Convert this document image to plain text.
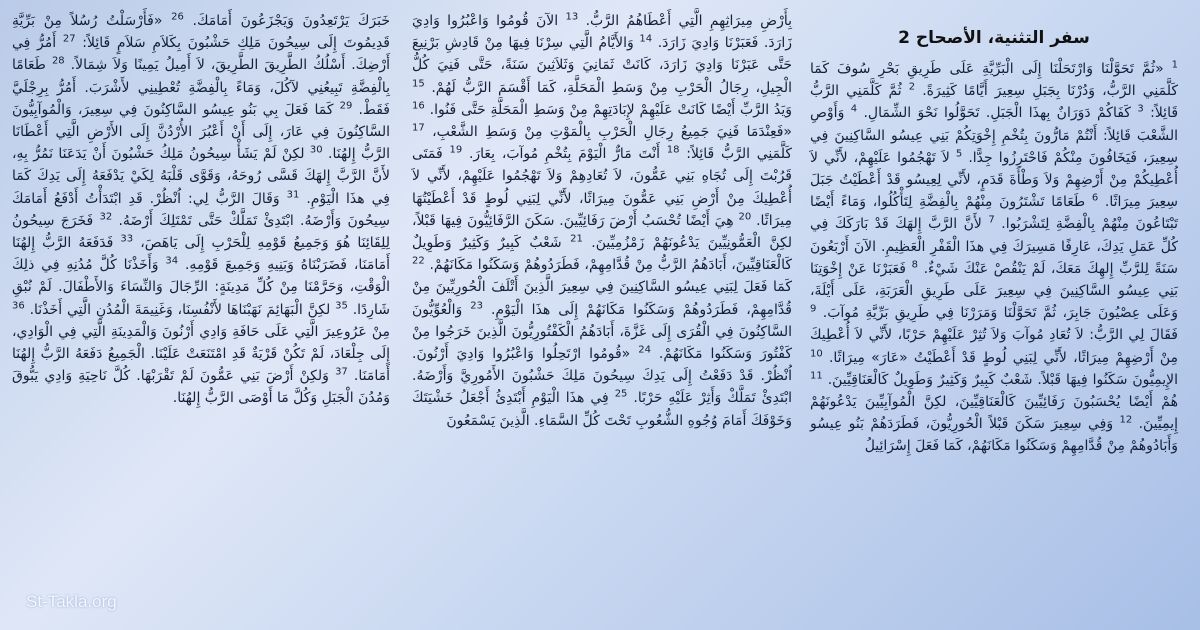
سفر التثنية، الأصحاح 2
$^1$ «ثُمَّ تَحَوَّلْنَا وَارْتَحَلْنَا إِلَى الْبَرِّيَّةِ عَلَى طَرِيقِ بَحْرِ سُوفَ كَمَا كَلَّمَنِي الرَّبُّ، وَدُرْنَا بِجَبَلِ سِعِيرَ أَيَّامًا كَثِيرَةً. $^2$ ثُمَّ كَلَّمَنِي الرَّبُّ قَائِلاً: $^3$ كَفَاكُمْ دَوَرَانٌ بِهذَا الْجَبَلِ. تَحَوَّلُوا نَحْوَ الشِّمَالِ. $^4$ وَأَوْصِ الشَّعْبَ قَائِلاً: أَنْتُمْ مَارُّونَ بِتُخْمِ إِخْوَتِكُمْ بَنِي عِيسُو السَّاكِنِينَ فِي سِعِيرَ، فَيَخَافُونَ مِنْكُمْ فَاحْتَرِزُوا جِدًّا. $^5$ لاَ تَهْجُمُوا عَلَيْهِمْ، لأَنِّي لاَ أُعْطِيكُمْ مِنْ أَرْضِهِمْ وَلاَ وَطْأَةَ قَدَمٍ، لأَنِّي لِعِيسُو قَدْ أَعْطَيْتُ جَبَلَ سِعِيرَ مِيرَاثًا. $^6$ طَعَامًا تَشْتَرُونَ مِنْهُمْ بِالْفِضَّةِ لِتَأْكُلُوا، وَمَاءً أَيْضًا تَبْتَاعُونَ مِنْهُمْ بِالْفِضَّةِ لِتَشْرَبُوا. $^7$ لأَنَّ الرَّبَّ إِلهَكَ قَدْ بَارَكَكَ فِي كُلِّ عَمَلِ يَدِكَ، عَارِفًا مَسِيرَكَ فِي هذَا الْقَفْرِ الْعَظِيمِ. الآنَ أَرْبَعُونَ سَنَةً لِلرَّبِّ إِلهِكَ مَعَكَ، لَمْ يَنْقُصْ عَنْكَ شَيْءٌ. $^8$ فَعَبَرْنَا عَنْ إِخْوَتِنَا بَنِي عِيسُو السَّاكِنِينَ فِي سِعِيرَ عَلَى طَرِيقِ الْعَرَبَةِ، عَلَى أَيْلَةَ، وَعَلَى عِصْيُونَ جَابِرَ، ثُمَّ تَحَوَّلْنَا وَمَرَرْنَا فِي طَرِيقِ بَرِّيَّةِ مُوآبَ. $^9$ فَقَالَ لِي الرَّبُّ: لاَ تُعَادِ مُوآبَ وَلاَ تُثِرْ عَلَيْهِمْ حَرْبًا، لأَنِّي لاَ أُعْطِيكَ مِنْ أَرْضِهِمْ مِيرَاثًا، لأَنِّي لِبَنِي لُوطٍ قَدْ أَعْطَيْتُ «عَارَ» مِيرَاثًا. $^{10}$ الإِيمِيُّونَ سَكَنُوا فِيهَا قَبْلاً. شَعْبٌ كَبِيرٌ وَكَثِيرٌ وَطَوِيلٌ كَالْعَنَاقِيِّينَ. $^{11}$ هُمْ أَيْضًا يُحْسَبُونَ رَفَائِيِّينَ كَالْعَنَاقِيِّينَ، لكِنَّ الْمُوآبِيِّينَ يَدْعُونَهُمْ إِيمِيِّينَ. $^{12}$ وَفِي سِعِيرَ سَكَنَ قَبْلاً الْحُورِيُّونَ، فَطَرَدَهُمْ بَنُو عِيسُو وَأَبَادُوهُمْ مِنْ قُدَّامِهِمْ وَسَكَنُوا مَكَانَهُمْ، كَمَا فَعَلَ إِسْرَائِيلُ
بِأَرْضِ مِيرَاثِهِمِ الَّتِي أَعْطَاهُمُ الرَّبُّ. $^{13}$ الآنَ قُومُوا وَاعْبُرُوا وَادِيَ زَارَدَ. فَعَبَرْنَا وَادِيَ زَارَدَ. $^{14}$ وَالأَيَّامُ الَّتِي سِرْنَا فِيهَا مِنْ قَادِشِ بَرْنِيعَ حَتَّى عَبَرْنَا وَادِيَ زَارَدَ، كَانَتْ ثَمَانِيَ وَثَلاَثِينَ سَنَةً، حَتَّى فَنِيَ كُلُّ الْجِيلِ، رِجَالُ الْحَرْبِ مِنْ وَسَطِ الْمَحَلَّةِ، كَمَا أَقْسَمَ الرَّبُّ لَهُمْ. $^{15}$ وَيَدُ الرَّبِّ أَيْضًا كَانَتْ عَلَيْهِمْ لإِبَادَتِهِمْ مِنْ وَسَطِ الْمَحَلَّةِ حَتَّى فَنُوا. $^{16}$ «فَعِنْدَمَا فَنِيَ جَمِيعُ رِجَالِ الْحَرْبِ بِالْمَوْتِ مِنْ وَسَطِ الشَّعْبِ، $^{17}$ كَلَّمَنِي الرَّبُّ قَائِلاً: $^{18}$ أَنْتَ مَارٌّ الْيَوْمَ بِتُخْمِ مُوآبَ، بِعَارَ. $^{19}$ فَمَتَى قَرُبْتَ إِلَى تُجَاهِ بَنِي عَمُّونَ، لاَ تُعَادِهِمْ وَلاَ تَهْجُمُوا عَلَيْهِمْ، لأَنِّي لاَ أُعْطِيكَ مِنْ أَرْضِ بَنِي عَمُّونَ مِيرَاثًا، لأَنِّي لِبَنِي لُوطٍ قَدْ أَعْطَيْتُهَا مِيرَاثًا. $^{20}$ هِيَ أَيْضًا تُحْسَبُ أَرْضَ رَفَائِيِّينَ. سَكَنَ الرَّفَائِيُّونَ فِيهَا قَبْلاً، لكِنَّ الْعَمُّونِيِّينَ يَدْعُونَهُمْ زَمْزُمِيِّينَ. $^{21}$ شَعْبٌ كَبِيرٌ وَكَثِيرٌ وَطَوِيلٌ كَالْعَنَاقِيِّينَ، أَبَادَهُمُ الرَّبُّ مِنْ قُدَّامِهِمْ، فَطَرَدُوهُمْ وَسَكَنُوا مَكَانَهُمْ. $^{22}$ كَمَا فَعَلَ لِبَنِي عِيسُو السَّاكِنِينَ فِي سِعِيرَ الَّذِينَ أَتْلَفَ الْحُورِيِّينَ مِنْ قُدَّامِهِمْ، فَطَرَدُوهُمْ وَسَكَنُوا مَكَانَهُمْ إِلَى هذَا الْيَوْمِ. $^{23}$ وَالْعُوِّيُّونَ السَّاكِنُونَ فِي الْقُرَى إِلَى غَزَّةَ، أَبَادَهُمُ الْكَفْتُورِيُّونَ الَّذِينَ خَرَجُوا مِنْ كَفْتُورَ وَسَكَنُوا مَكَانَهُمْ. $^{24}$ «قُومُوا ارْتَحِلُوا وَاعْبُرُوا وَادِيَ أَرْنُونَ. اُنْظُرْ. قَدْ دَفَعْتُ إِلَى يَدِكَ سِيحُونَ مَلِكَ حَشْبُونَ الأَمُورِيَّ وَأَرْضَهُ. ابْتَدِئْ تَمَلَّكْ وَأَثِرْ عَلَيْهِ حَرْبًا. $^{25}$ فِي هذَا الْيَوْمِ أَبْتَدِئُ أَجْعَلُ خَشْيَتَكَ وَخَوْفَكَ أَمَامَ وُجُوهِ الشُّعُوبِ تَحْتَ كُلِّ السَّمَاءِ. الَّذِينَ يَسْمَعُونَ
خَبَرَكَ يَرْتَعِدُونَ وَيَجْزَعُونَ أَمَامَكَ. $^{26}$ «فَأَرْسَلْتُ رُسُلاً مِنْ بَرِّيَّةِ قَدِيمُوتَ إِلَى سِيحُونَ مَلِكِ حَشْبُونَ بِكَلاَمِ سَلاَمٍ قَائِلاً: $^{27}$ أَمُرُّ فِي أَرْضِكَ. أَسْلُكُ الطَّرِيقَ الطَّرِيقَ، لاَ أَمِيلُ يَمِينًا وَلاَ شِمَالاً. $^{28}$ طَعَامًا بِالْفِضَّةِ تَبِيعُنِي لآكُلَ، وَمَاءً بِالْفِضَّةِ تُعْطِينِي لأَشْرَبَ. أَمُرُّ بِرِجْلَيَّ فَقَطْ. $^{29}$ كَمَا فَعَلَ بِي بَنُو عِيسُو السَّاكِنُونَ فِي سِعِيرَ، وَالْمُوآبِيُّونَ السَّاكِنُونَ فِي عَارَ، إِلَى أَنْ أَعْبُرَ الأُرْدُنَّ إِلَى الأَرْضِ الَّتِي أَعْطَانَا الرَّبُّ إِلهُنَا. $^{30}$ لكِنْ لَمْ يَشَأْ سِيحُونُ مَلِكُ حَشْبُونَ أَنْ يَدَعَنَا نَمُرُّ بِهِ، لأَنَّ الرَّبَّ إِلهَكَ قَسَّى رُوحَهُ، وَقَوَّى قَلْبَهُ لِكَيْ يَدْفَعَهُ إِلَى يَدِكَ كَمَا فِي هذَا الْيَوْمِ. $^{31}$ وَقَالَ الرَّبُّ لِي: اُنْظُرْ. قَدِ ابْتَدَأْتُ أَدْفَعُ أَمَامَكَ سِيحُونَ وَأَرْضَهُ. ابْتَدِئْ تَمَلَّكْ حَتَّى تَمْتَلِكَ أَرْضَهُ. $^{32}$ فَخَرَجَ سِيحُونُ لِلِقَائِنَا هُوَ وَجَمِيعُ قَوْمِهِ لِلْحَرْبِ إِلَى يَاهَصَ، $^{33}$ فَدَفَعَهُ الرَّبُّ إِلهُنَا أَمَامَنَا، فَضَرَبْنَاهُ وَبَنِيهِ وَجَمِيعَ قَوْمِهِ. $^{34}$ وَأَخَذْنَا كُلَّ مُدُنِهِ فِي ذلِكَ الْوَقْتِ، وَحَرَّمْنَا مِنْ كُلِّ مَدِينَةٍ: الرِّجَالَ وَالنِّسَاءَ وَالأَطْفَالَ. لَمْ نُبْقِ شَارِدًا. $^{35}$ لكِنَّ الْبَهَائِمَ نَهَبْنَاهَا لأَنْفُسِنَا، وَغَنِيمَةَ الْمُدُنِ الَّتِي أَخَذْنَا. $^{36}$ مِنْ عَرُوعِيرَ الَّتِي عَلَى حَافَةِ وَادِي أَرْنُونَ وَالْمَدِينَةِ الَّتِي فِي الْوَادِي، إِلَى جِلْعَادَ، لَمْ تَكُنْ قَرْيَةٌ قَدِ امْتَنَعَتْ عَلَيْنَا. الْجَمِيعُ دَفَعَهُ الرَّبُّ إِلهُنَا أَمَامَنَا. $^{37}$ وَلكِنْ أَرْضَ بَنِي عَمُّونَ لَمْ تَقْرَبْهَا. كُلَّ نَاحِيَةِ وَادِي يَبُّوقَ وَمُدُنَ الْجَبَلِ وَكُلَّ مَا أَوْصَى الرَّبُّ إِلهُنَا.
St-Takla.org
